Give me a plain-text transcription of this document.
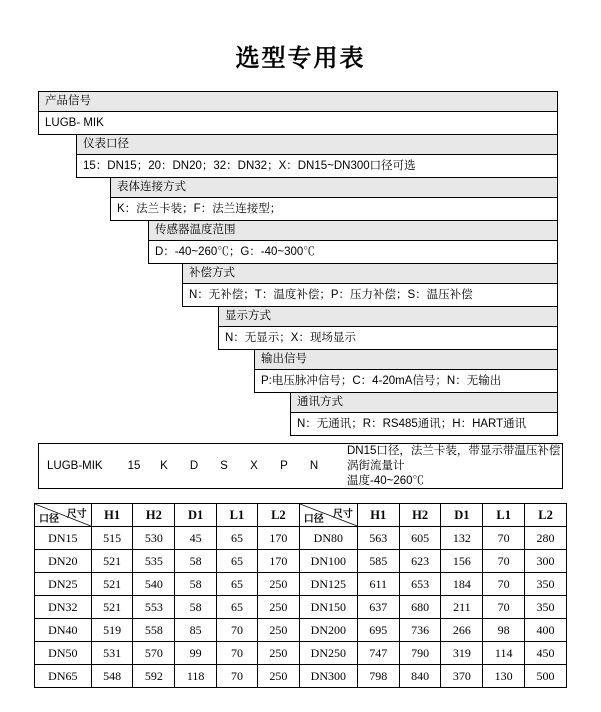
选型专用表
产品信号
LUGB- MIK
仪表口径
15：DN15；20：DN20；32：DN32；X：DN15~DN300口径可选
表体连接方式
K：法兰卡装；F：法兰连接型；
传感器温度范围
D：-40~260℃；G：-40~300℃
补偿方式
N：无补偿；T：温度补偿；P：压力补偿；S：温压补偿
显示方式
N：无显示；X：现场显示
输出信号
P:电压脉冲信号；C：4-20mA信号；N：无输出
通讯方式
N：无通讯；R：RS485通讯；H：HART通讯
LUGB-MIK	15	K	D	S	X	P	N
DN15口径，法兰卡装，带显示带温压补偿涡街流量计
温度-40~260℃
尺寸
口径	H1	H2	D1	L1	L2	尺寸
口径	H1	H2	D1	L1	L2
DN15	515	530	45	65	170	DN80	563	605	132	70	280
DN20	521	535	58	65	170	DN100	585	623	156	70	300
DN25	521	540	58	65	250	DN125	611	653	184	70	350
DN32	521	553	58	65	250	DN150	637	680	211	70	350
DN40	519	558	85	70	250	DN200	695	736	266	98	400
DN50	531	570	99	70	250	DN250	747	790	319	114	450
DN65	548	592	118	70	250	DN300	798	840	370	130	500
